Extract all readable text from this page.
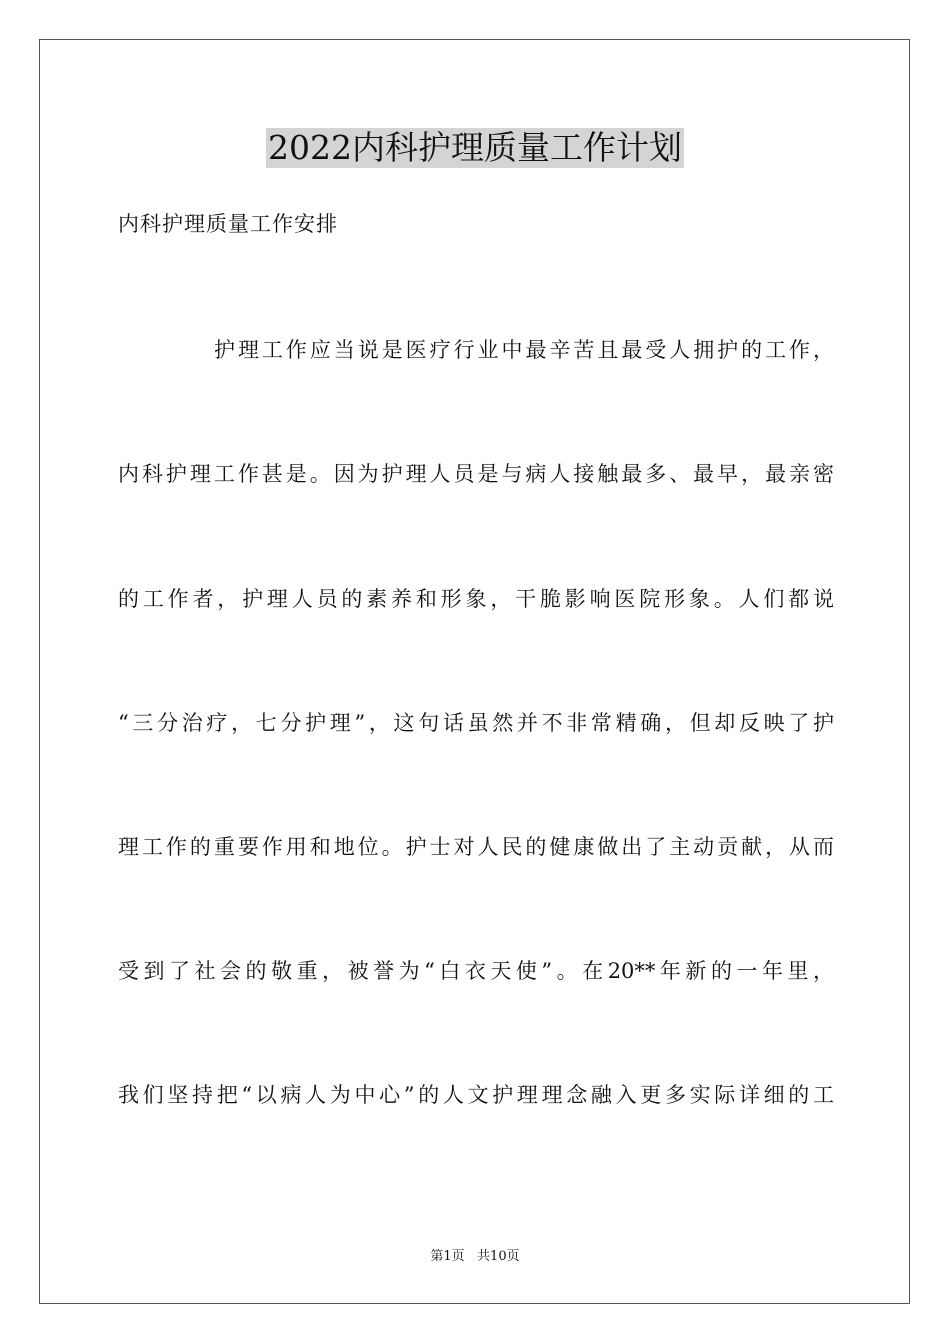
2022内科护理质量工作计划
内科护理质量工作安排
护理工作应当说是医疗行业中最辛苦且最受人拥护的工作，
内科护理工作甚是。因为护理人员是与病人接触最多、最早，最亲密
的工作者，护理人员的素养和形象，干脆影响医院形象。人们都说
“三分治疗，七分护理”，这句话虽然并不非常精确，但却反映了护
理工作的重要作用和地位。护士对人民的健康做出了主动贡献，从而
受到了社会的敬重，被誉为“白衣天使”。在20**年新的一年里，
我们坚持把“以病人为中心”的人文护理理念融入更多实际详细的工
第1页   共10页
